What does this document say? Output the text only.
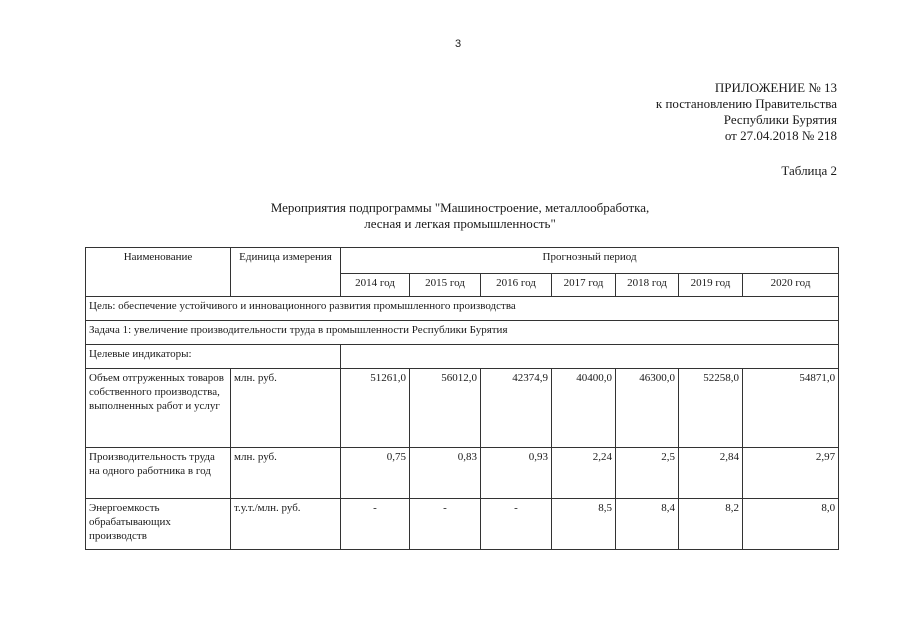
3
ПРИЛОЖЕНИЕ № 13
к постановлению Правительства
Республики Бурятия
от 27.04.2018 № 218
Таблица 2
Мероприятия подпрограммы "Машиностроение, металлообработка,
лесная и легкая промышленность"
Наименование	Единица измерения	Прогнозный период						
		2014 год	2015 год	2016 год	2017 год	2018 год	2019 год	2020 год
Цель: обеспечение устойчивого и инновационного развития промышленного производства								
Задача 1: увеличение производительности труда в промышленности Республики Бурятия								
Целевые индикаторы:								
Объем отгруженных товаров собственного производства, выполненных работ и услуг	млн. руб.	51261,0	56012,0	42374,9	40400,0	46300,0	52258,0	54871,0
Производительность труда на одного работника в год	млн. руб.	0,75	0,83	0,93	2,24	2,5	2,84	2,97
Энергоемкость обрабатывающих производств	т.у.т./млн. руб.	-	-	-	8,5	8,4	8,2	8,0
